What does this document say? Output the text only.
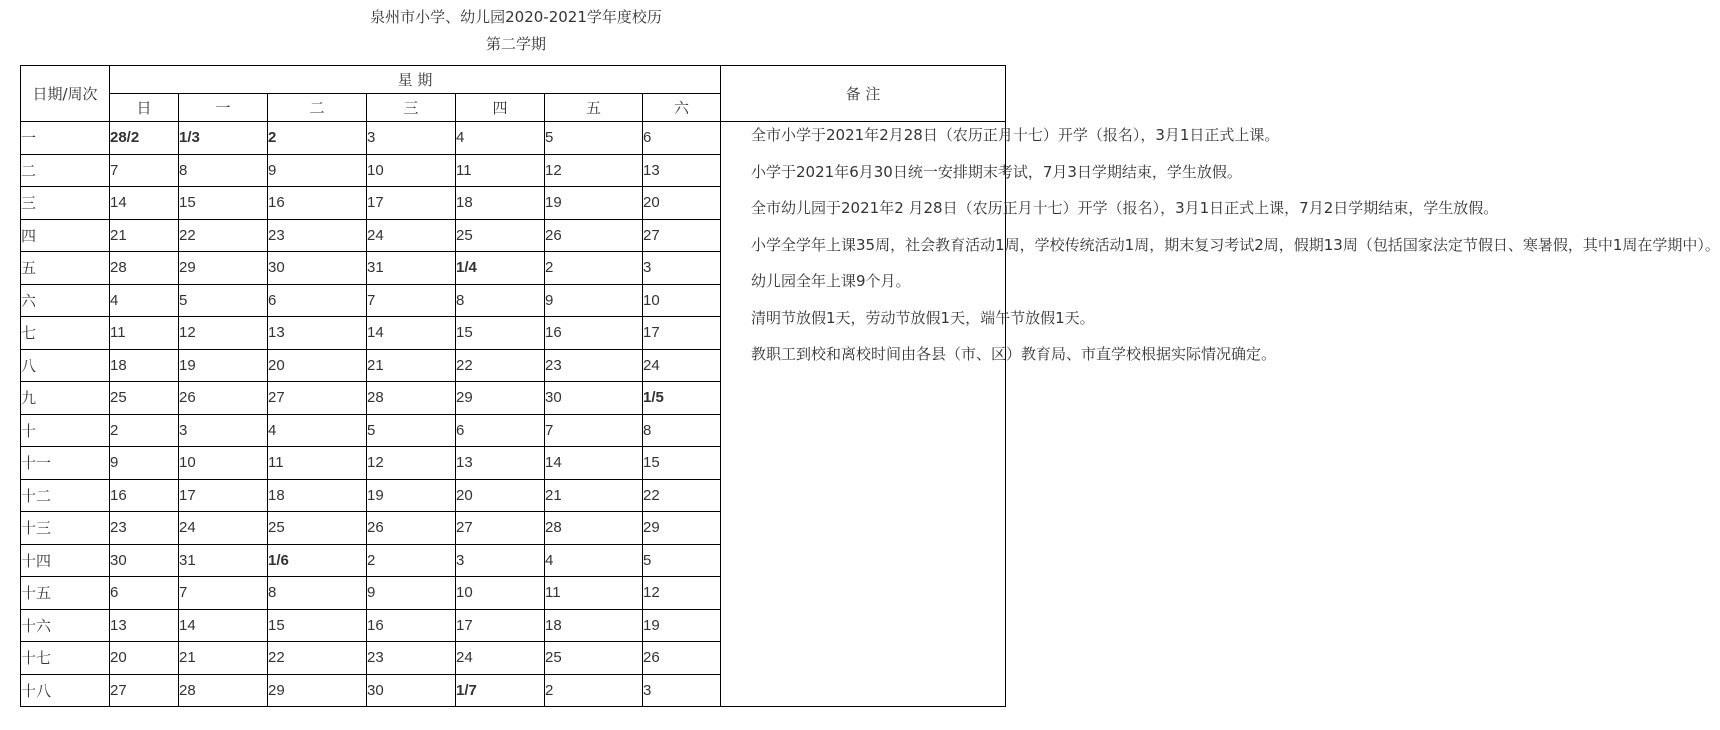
泉州市小学、幼儿园2020-2021学年度校历
第二学期
日期/周次	星 期							备 注
	日	一	二	三	四	五	六	
一	28/2	1/3	2	3	4	5	6	全市小学于2021年2月28日（农历正月十七）开学（报名），3月1日正式上课。

小学于2021年6月30日统一安排期末考试，7月3日学期结束，学生放假。

全市幼儿园于2021年2 月28日（农历正月十七）开学（报名），3月1日正式上课，7月2日学期结束，学生放假。

小学全学年上课35周，社会教育活动1周，学校传统活动1周，期末复习考试2周，假期13周（包括国家法定节假日、寒暑假，其中1周在学期中）。

幼儿园全年上课9个月。

清明节放假1天，劳动节放假1天，端午节放假1天。

教职工到校和离校时间由各县（市、区）教育局、市直学校根据实际情况确定。

二	7	8	9	10	11	12	13	
三	14	15	16	17	18	19	20	
四	21	22	23	24	25	26	27	
五	28	29	30	31	1/4	2	3	
六	4	5	6	7	8	9	10	
七	11	12	13	14	15	16	17	
八	18	19	20	21	22	23	24	
九	25	26	27	28	29	30	1/5	
十	2	3	4	5	6	7	8	
十一	9	10	11	12	13	14	15	
十二	16	17	18	19	20	21	22	
十三	23	24	25	26	27	28	29	
十四	30	31	1/6	2	3	4	5	
十五	6	7	8	9	10	11	12	
十六	13	14	15	16	17	18	19	
十七	20	21	22	23	24	25	26	
十八	27	28	29	30	1/7	2	3	
